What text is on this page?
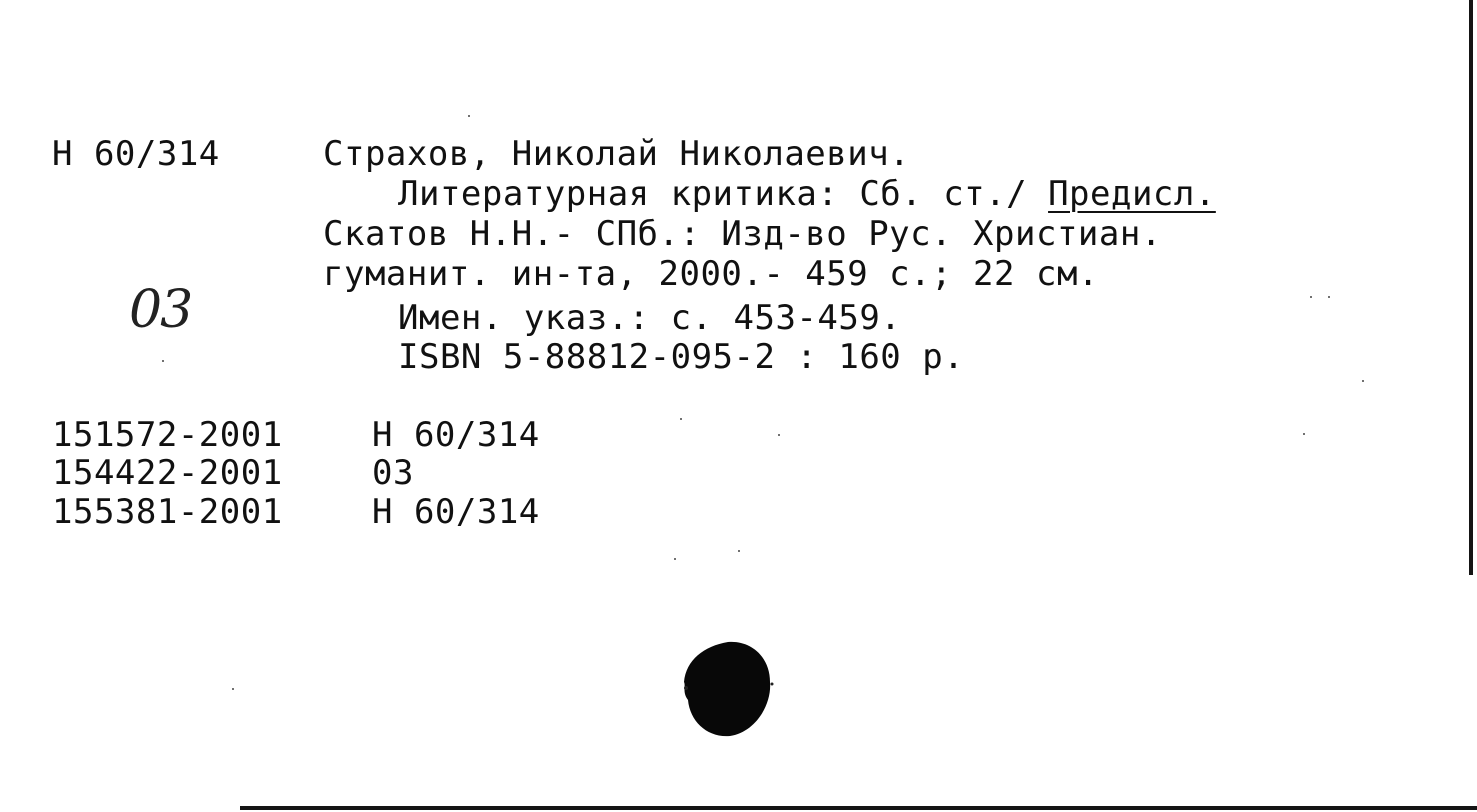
Н 60/314	Страхов, Николай Николаевич.
Литературная критика: Сб. ст./ Предисл.
Скатов Н.Н.- СПб.: Изд-во Рус. Христиан.
гуманит. ин-та, 2000.- 459 с.; 22 см.
Имен. указ.: с. 453-459.
ISBN 5-88812-095-2 : 160 р.
03
151572-2001	Н 60/314
154422-2001	03
155381-2001	Н 60/314
